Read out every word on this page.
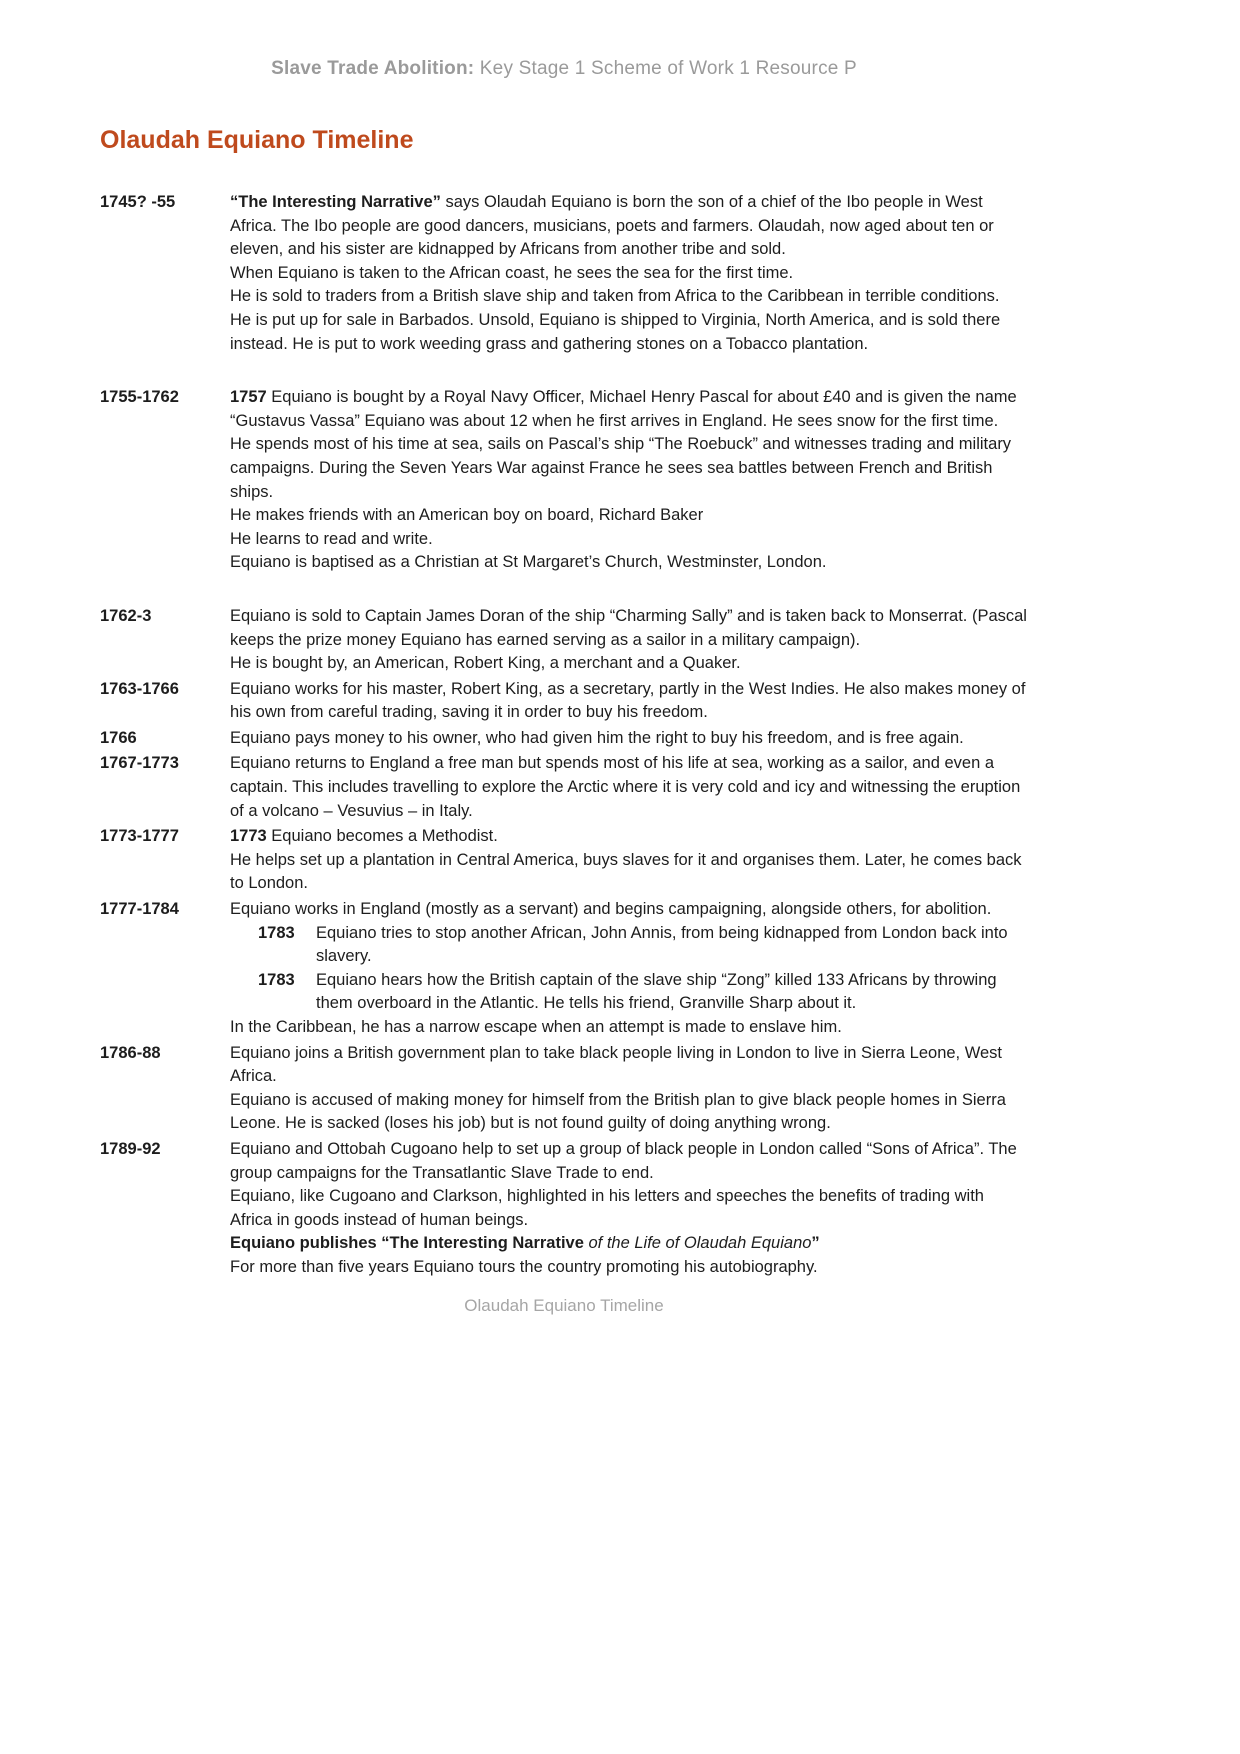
Slave Trade Abolition: Key Stage 1 Scheme of Work 1 Resource P
Olaudah Equiano Timeline
1745? -55	“The Interesting Narrative” says Olaudah Equiano is born the son of a chief of the Ibo people in West Africa. The Ibo people are good dancers, musicians, poets and farmers. Olaudah, now aged about ten or eleven, and his sister are kidnapped by Africans from another tribe and sold.
When Equiano is taken to the African coast, he sees the sea for the first time.
He is sold to traders from a British slave ship and taken from Africa to the Caribbean in terrible conditions.
He is put up for sale in Barbados. Unsold, Equiano is shipped to Virginia, North America, and is sold there instead. He is put to work weeding grass and gathering stones on a Tobacco plantation.
1755-1762	1757 Equiano is bought by a Royal Navy Officer, Michael Henry Pascal for about £40 and is given the name “Gustavus Vassa” Equiano was about 12 when he first arrives in England. He sees snow for the first time.
He spends most of his time at sea, sails on Pascal’s ship “The Roebuck” and witnesses trading and military campaigns. During the Seven Years War against France he sees sea battles between French and British ships.
He makes friends with an American boy on board, Richard Baker
He learns to read and write.
Equiano is baptised as a Christian at St Margaret’s Church, Westminster, London.
1762-3	Equiano is sold to Captain James Doran of the ship “Charming Sally” and is taken back to Monserrat. (Pascal keeps the prize money Equiano has earned serving as a sailor in a military campaign).
He is bought by, an American, Robert King, a merchant and a Quaker.
1763-1766	Equiano works for his master, Robert King, as a secretary, partly in the West Indies. He also makes money of his own from careful trading, saving it in order to buy his freedom.
1766	Equiano pays money to his owner, who had given him the right to buy his freedom, and is free again.
1767-1773	Equiano returns to England a free man but spends most of his life at sea, working as a sailor, and even a captain. This includes travelling to explore the Arctic where it is very cold and icy and witnessing the eruption of a volcano – Vesuvius – in Italy.
1773-1777	1773 Equiano becomes a Methodist.
He helps set up a plantation in Central America, buys slaves for it and organises them. Later, he comes back to London.
1777-1784	Equiano works in England (mostly as a servant) and begins campaigning, alongside others, for abolition.
1783	Equiano tries to stop another African, John Annis, from being kidnapped from London back into slavery.
1783	Equiano hears how the British captain of the slave ship “Zong” killed 133 Africans by throwing them overboard in the Atlantic. He tells his friend, Granville Sharp about it.
In the Caribbean, he has a narrow escape when an attempt is made to enslave him.
1786-88	Equiano joins a British government plan to take black people living in London to live in Sierra Leone, West Africa.
Equiano is accused of making money for himself from the British plan to give black people homes in Sierra Leone. He is sacked (loses his job) but is not found guilty of doing anything wrong.
1789-92	Equiano and Ottobah Cugoano help to set up a group of black people in London called “Sons of Africa”. The group campaigns for the Transatlantic Slave Trade to end.
Equiano, like Cugoano and Clarkson, highlighted in his letters and speeches the benefits of trading with Africa in goods instead of human beings.
Equiano publishes “The Interesting Narrative of the Life of Olaudah Equiano”
For more than five years Equiano tours the country promoting his autobiography.
Olaudah Equiano Timeline
